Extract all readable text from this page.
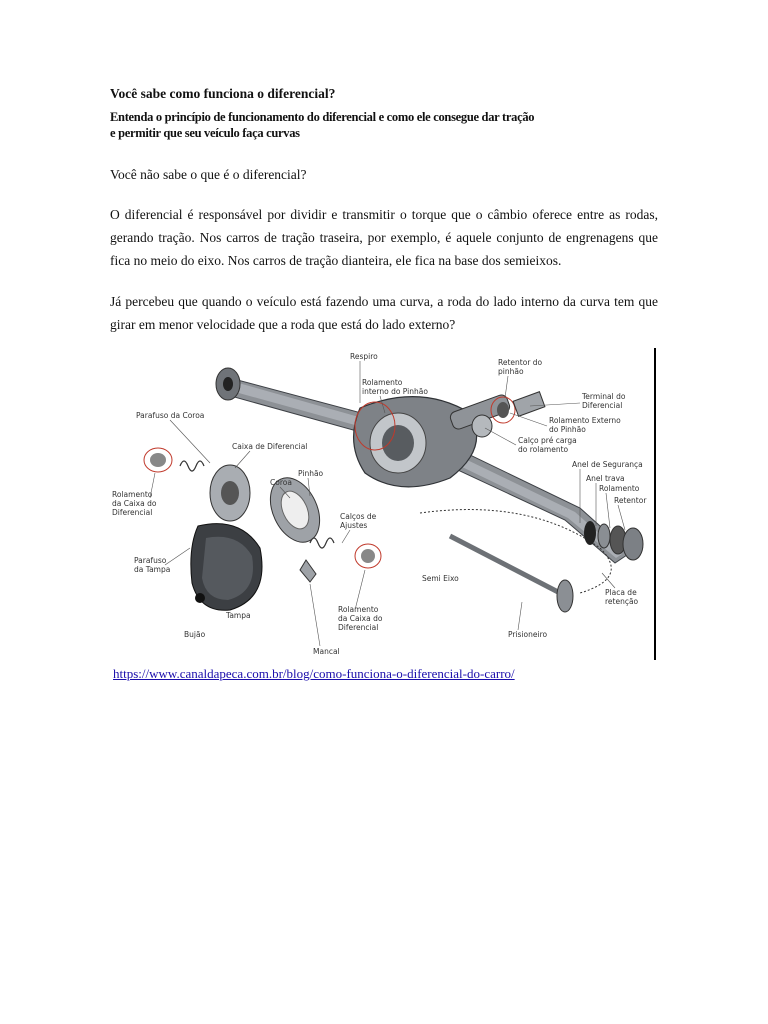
Você sabe como funciona o diferencial?
Entenda o princípio de funcionamento do diferencial e como ele consegue dar tração
e permitir que seu veículo faça curvas
Você não sabe o que é o diferencial?
O diferencial é responsável por dividir e transmitir o torque que o câmbio oferece entre as rodas, gerando tração. Nos carros de tração traseira, por exemplo, é aquele conjunto de engrenagens que fica no meio do eixo. Nos carros de tração dianteira, ele fica na base dos semieixos.
Já percebeu que quando o veículo está fazendo uma curva, a roda do lado interno da curva tem que girar em menor velocidade que a roda que está do lado externo?
Respiro
Rolamento
interno do Pinhão
Retentor do
pinhão
Terminal do
Diferencial
Rolamento Externo
do Pinhão
Calço pré carga
do rolamento
Parafuso da Coroa
Caixa de Diferencial
Anel de Segurança
Anel trava
Rolamento
Retentor
Pinhão
Coroa
Rolamento
da Caixa do
Diferencial	Calços de
Ajustes
Parafuso
da Tampa
Semi Eixo
Placa de
retenção
Tampa
Bujão
Rolamento
da Caixa do
Diferencial
Mancal
Prisioneiro
https://www.canaldapeca.com.br/blog/como-funciona-o-diferencial-do-carro/
